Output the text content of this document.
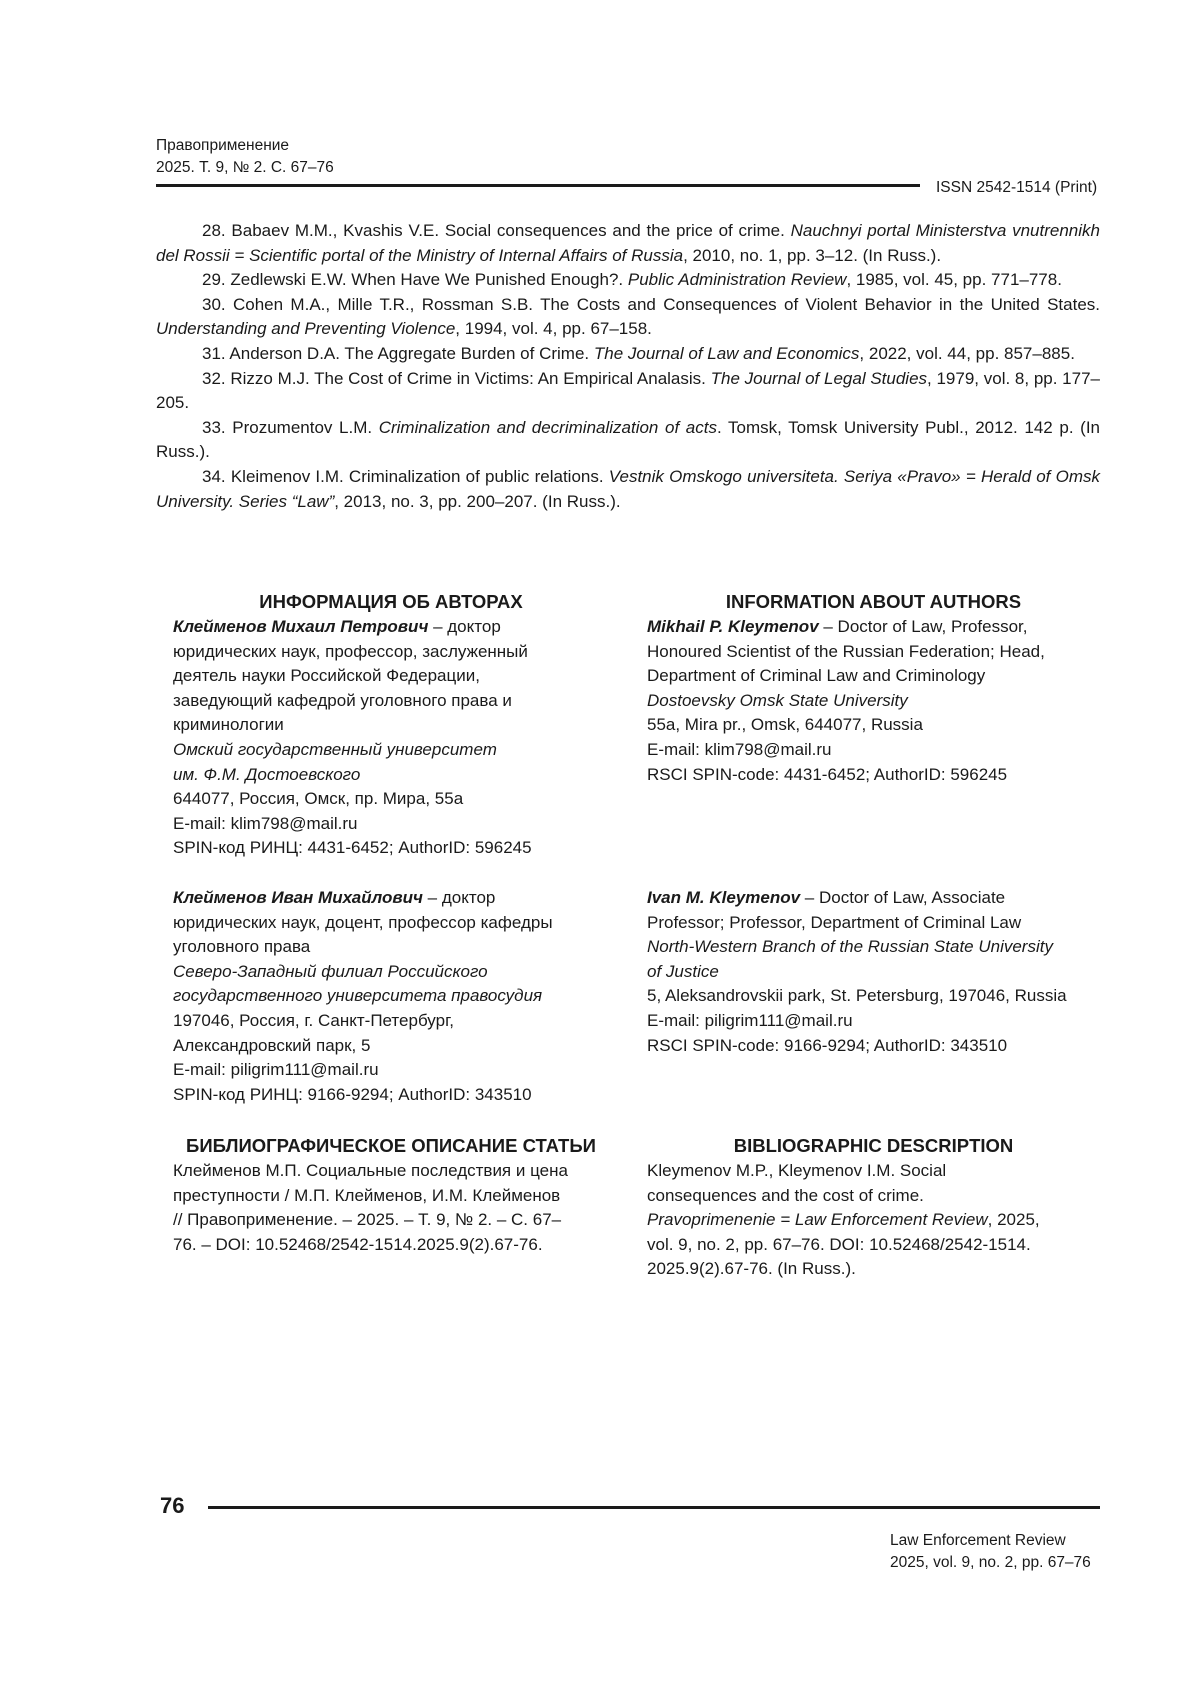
Правоприменение
2025. Т. 9, № 2. С. 67–76
ISSN 2542-1514 (Print)

28. Babaev M.M., Kvashis V.E. Social consequences and the price of crime. Nauchnyi portal Ministerstva vnutrennikh del Rossii = Scientific portal of the Ministry of Internal Affairs of Russia, 2010, no. 1, pp. 3–12. (In Russ.).

29. Zedlewski E.W. When Have We Punished Enough?. Public Administration Review, 1985, vol. 45, pp. 771–778.

30. Cohen M.A., Mille T.R., Rossman S.B. The Costs and Consequences of Violent Behavior in the United States. Understanding and Preventing Violence, 1994, vol. 4, pp. 67–158.

31. Anderson D.A. The Aggregate Burden of Crime. The Journal of Law and Economics, 2022, vol. 44, pp. 857–885.

32. Rizzo M.J. The Cost of Crime in Victims: An Empirical Analasis. The Journal of Legal Studies, 1979, vol. 8, pp. 177–205.

33. Prozumentov L.M. Criminalization and decriminalization of acts. Tomsk, Tomsk University Publ., 2012. 142 p. (In Russ.).

34. Kleimenov I.M. Criminalization of public relations. Vestnik Omskogo universiteta. Seriya «Pravo» = Herald of Omsk University. Series “Law”, 2013, no. 3, pp. 200–207. (In Russ.).

ИНФОРМАЦИЯ ОБ АВТОРАХ	INFORMATION ABOUT AUTHORS
Клейменов Михаил Петрович – доктор
юридических наук, профессор, заслуженный
деятель науки Российской Федерации,
заведующий кафедрой уголовного права и
криминологии
Омский государственный университет
им. Ф.М. Достоевского
644077, Россия, Омск, пр. Мира, 55а
E-mail: klim798@mail.ru
SPIN-код РИНЦ: 4431-6452; AuthorID: 596245
Mikhail P. Kleymenov – Doctor of Law, Professor,
Honoured Scientist of the Russian Federation; Head,
Department of Criminal Law and Criminology
Dostoevsky Omsk State University
55a, Mira pr., Omsk, 644077, Russia
E-mail: klim798@mail.ru
RSCI SPIN-code: 4431-6452; AuthorID: 596245
Клейменов Иван Михайлович – доктор
юридических наук, доцент, профессор кафедры
уголовного права
Северо-Западный филиал Российского
государственного университета правосудия
197046, Россия, г. Санкт-Петербург,
Александровский парк, 5
E-mail: piligrim111@mail.ru
SPIN-код РИНЦ: 9166-9294; AuthorID: 343510
Ivan M. Kleymenov – Doctor of Law, Associate
Professor; Professor, Department of Criminal Law
North-Western Branch of the Russian State University
of Justice
5, Aleksandrovskii park, St. Petersburg, 197046, Russia
E-mail: piligrim111@mail.ru
RSCI SPIN-code: 9166-9294; AuthorID: 343510
БИБЛИОГРАФИЧЕСКОЕ ОПИСАНИЕ СТАТЬИ	BIBLIOGRAPHIC DESCRIPTION
Клейменов М.П. Социальные последствия и цена
преступности / М.П. Клейменов, И.М. Клейменов
// Правоприменение. – 2025. – Т. 9, № 2. – С. 67–
76. – DOI: 10.52468/2542-1514.2025.9(2).67-76.
Kleymenov M.P., Kleymenov I.M. Social
consequences and the cost of crime.
Pravoprimenenie = Law Enforcement Review, 2025,
vol. 9, no. 2, pp. 67–76. DOI: 10.52468/2542-1514.
2025.9(2).67-76. (In Russ.).
76
Law Enforcement Review
2025, vol. 9, no. 2, pp. 67–76
